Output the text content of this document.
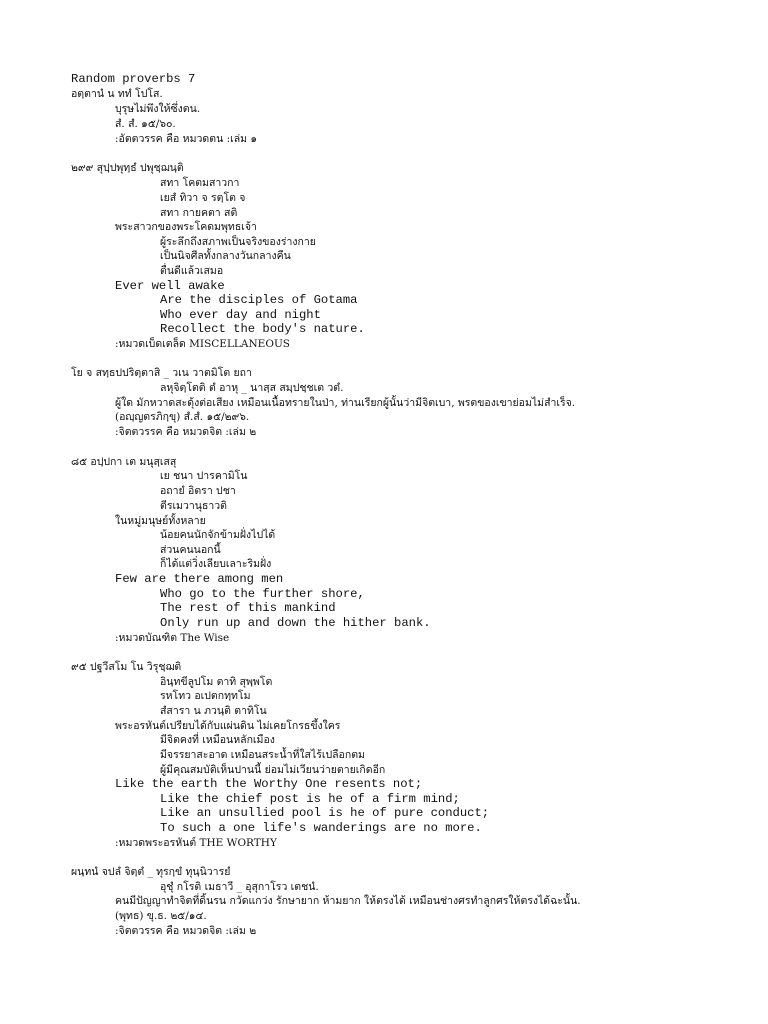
Random proverbs 7
อตฺตานํ น ททํ โปโส.
บุรุษไม่พึงให้ซึ่งตน.
สํ. สํ. ๑๕/๖๐.
:อัตตวรรค คือ หมวดตน :เล่ม ๑
๒๙๙ สุปฺปพุทฺธํ ปพุชฺฌนฺติ
สทา โคตมสาวกา
เยสํ ทิวา จ รตฺโต จ
สทา กายคตา สติ
พระสาวกของพระโคดมพุทธเจ้า
ผู้ระลึกถึงสภาพเป็นจริงของร่างกาย
เป็นนิจศีลทั้งกลางวันกลางคืน
ตื่นดีแล้วเสมอ
Ever well awake
Are the disciples of Gotama
Who ever day and night
Recollect the body's nature.
:หมวดเบ็ดเตล็ด MISCELLANEOUS
โย จ สทฺธปปริตฺตาสิ _ วเน วาตมิโต ยถา
ลหุจิตฺโตติ ตํ อาหุ _ นาสฺส สมฺปชฺชเต วตํ.
ผู้ใด มักหวาดสะดุ้งต่อเสียง เหมือนเนื้อทรายในป่า, ท่านเรียกผู้นั้นว่ามีจิตเบา, พรตของเขาย่อมไม่สำเร็จ.
(อญฺญตรภิกฺขุ) สํ.สํ. ๑๕/๒๙๖.
:จิตตวรรค คือ หมวดจิต :เล่ม ๒
๘๕ อปฺปกา เต มนุสฺเสสุ
เย ชนา ปารคามิโน
อถายํ อิตรา ปชา
ตีรเมวานุธาวติ
ในหมู่มนุษย์ทั้งหลาย
น้อยคนนักจักข้ามฝั่งไปได้
ส่วนคนนอกนี้
ก็ได้แต่วิ่งเลียบเลาะริมฝั่ง
Few are there among men
Who go to the further shore,
The rest of this mankind
Only run up and down the hither bank.
:หมวดบัณฑิต The Wise
๙๕ ปฐวีสโม โน วิรุชฺฌติ
อินฺทขีลูปโม ตาทิ สุพฺพโต
รหโทว อเปตกทฺทโม
สํสารา น ภวนฺติ ตาทิโน
พระอรหันต์เปรียบได้กับแผ่นดิน ไม่เคยโกรธขึ้งใคร
มีจิตคงที่ เหมือนหลักเมือง
มีจรรยาสะอาด เหมือนสระน้ำที่ใสไร้เปลือกตม
ผู้มีคุณสมบัติเห็นปานนี้ ย่อมไม่เวียนว่ายตายเกิดอีก
Like the earth the Worthy One resents not;
Like the chief post is he of a firm mind;
Like an unsullied pool is he of pure conduct;
To such a one life's wanderings are no more.
:หมวดพระอรหันต์ THE WORTHY
ผนฺทนํ จปลํ จิตฺตํ _ ทุรกฺขํ ทุนฺนิวารยํ
อุชุํ กโรติ เมธาวี _ อุสุกาโรว เตชนํ.
คนมีปัญญาทำจิตที่ดิ้นรน กวัดแกว่ง รักษายาก ห้ามยาก ให้ตรงได้ เหมือนช่างศรทำลูกศรให้ตรงได้ฉะนั้น.
(พุทธ) ขุ.ธ. ๒๕/๑๔.
:จิตตวรรค คือ หมวดจิต :เล่ม ๒
